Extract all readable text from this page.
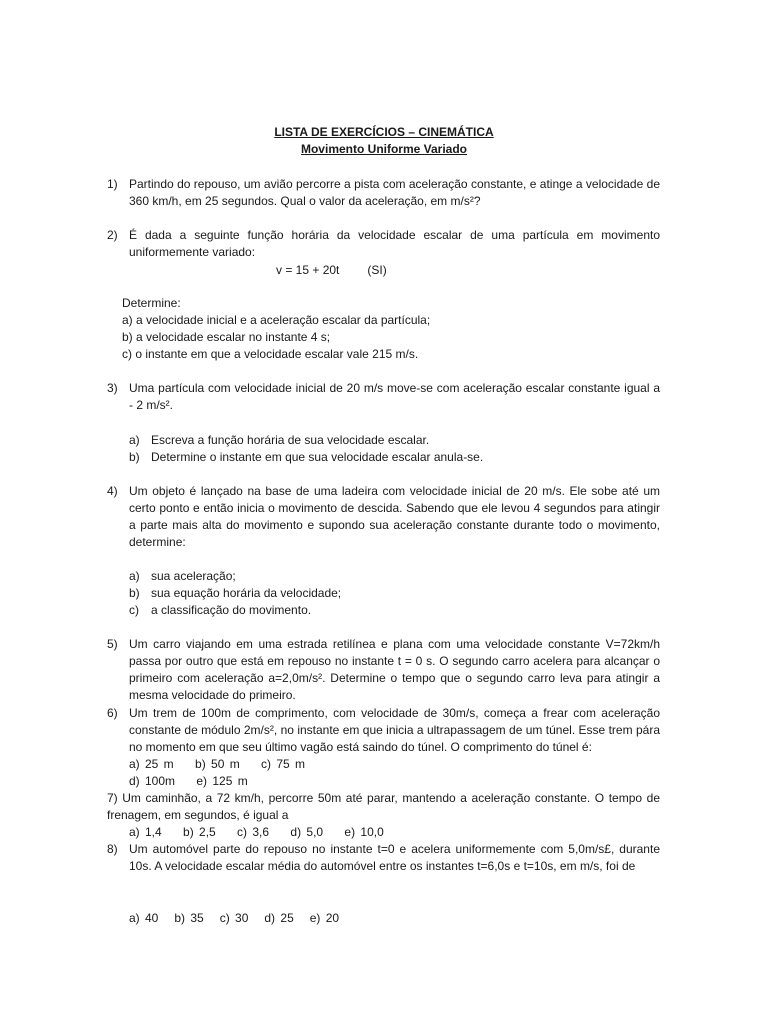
LISTA DE EXERCÍCIOS – CINEMÁTICA
Movimento Uniforme Variado
1) Partindo do repouso, um avião percorre a pista com aceleração constante, e atinge a velocidade de 360 km/h, em 25 segundos. Qual o valor da aceleração, em m/s²?
2) É dada a seguinte função horária da velocidade escalar de uma partícula em movimento uniformemente variado:
v = 15 + 20t (SI)
Determine:
a) a velocidade inicial e a aceleração escalar da partícula;
b) a velocidade escalar no instante 4 s;
c) o instante em que a velocidade escalar vale 215 m/s.
3) Uma partícula com velocidade inicial de 20 m/s move-se com aceleração escalar constante igual a - 2 m/s².
a) Escreva a função horária de sua velocidade escalar.
b) Determine o instante em que sua velocidade escalar anula-se.
4) Um objeto é lançado na base de uma ladeira com velocidade inicial de 20 m/s. Ele sobe até um certo ponto e então inicia o movimento de descida. Sabendo que ele levou 4 segundos para atingir a parte mais alta do movimento e supondo sua aceleração constante durante todo o movimento, determine:
a) sua aceleração;
b) sua equação horária da velocidade;
c) a classificação do movimento.
5) Um carro viajando em uma estrada retilínea e plana com uma velocidade constante V=72km/h passa por outro que está em repouso no instante t = 0 s. O segundo carro acelera para alcançar o primeiro com aceleração a=2,0m/s². Determine o tempo que o segundo carro leva para atingir a mesma velocidade do primeiro.
6) Um trem de 100m de comprimento, com velocidade de 30m/s, começa a frear com aceleração constante de módulo 2m/s², no instante em que inicia a ultrapassagem de um túnel. Esse trem pára no momento em que seu último vagão está saindo do túnel. O comprimento do túnel é:
a) 25 m    b) 50 m    c) 75 m
d) 100m    e) 125 m
7) Um caminhão, a 72 km/h, percorre 50m até parar, mantendo a aceleração constante. O tempo de frenagem, em segundos, é igual a
a) 1,4    b) 2,5    c) 3,6    d) 5,0    e) 10,0
8) Um automóvel parte do repouso no instante t=0 e acelera uniformemente com 5,0m/s£, durante 10s. A velocidade escalar média do automóvel entre os instantes t=6,0s e t=10s, em m/s, foi de
a) 40   b) 35   c) 30   d) 25   e) 20
